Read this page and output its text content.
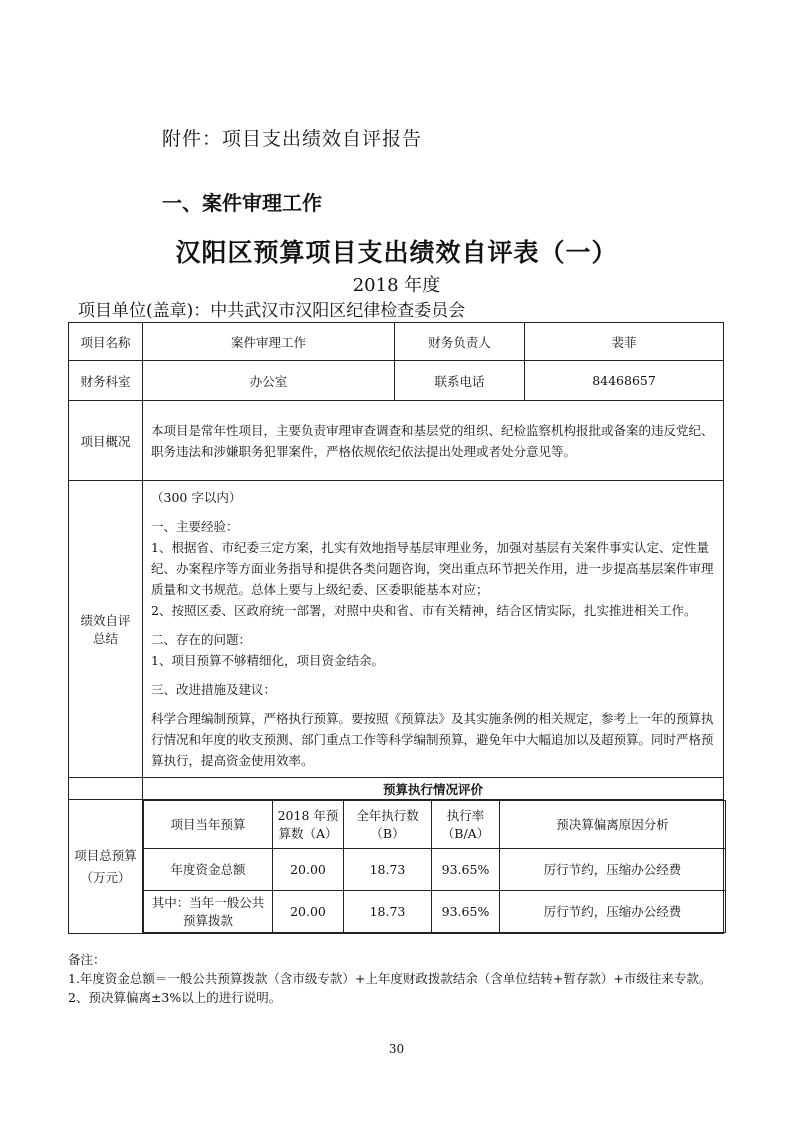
附件：项目支出绩效自评报告
一、案件审理工作
汉阳区预算项目支出绩效自评表（一）
2018 年度
项目单位(盖章)：中共武汉市汉阳区纪律检查委员会
项目名称	案件审理工作	财务负责人	裴菲
财务科室	办公室	联系电话	84468657
项目概况	本项目是常年性项目，主要负责审理审查调查和基层党的组织、纪检监察机构报批或备案的违反党纪、职务违法和涉嫌职务犯罪案件，严格依规依纪依法提出处理或者处分意见等。

绩效自评
总结

（300 字以内）

一、主要经验：

1、根据省、市纪委三定方案，扎实有效地指导基层审理业务，加强对基层有关案件事实认定、定性量纪、办案程序等方面业务指导和提供各类问题咨询，突出重点环节把关作用，进一步提高基层案件审理质量和文书规范。总体上要与上级纪委、区委职能基本对应；

2、按照区委、区政府统一部署，对照中央和省、市有关精神，结合区情实际，扎实推进相关工作。

二、存在的问题：

1、项目预算不够精细化，项目资金结余。

三、改进措施及建议：

科学合理编制预算，严格执行预算。要按照《预算法》及其实施条例的相关规定，参考上一年的预算执行情况和年度的收支预测、部门重点工作等科学编制预算，避免年中大幅追加以及超预算。同时严格预算执行，提高资金使用效率。

	预算执行情况评价
项目总预算（万元）	
项目当年预算	2018 年预算数（A）	全年执行数（B）	执行率（B/A）	预决算偏离原因分析
年度资金总额	20.00	18.73	93.65%	厉行节约，压缩办公经费
其中：当年一般公共预算拨款	20.00	18.73	93.65%	厉行节约，压缩办公经费

备注：

1.年度资金总额＝一般公共预算拨款（含市级专款）+上年度财政拨款结余（含单位结转+暂存款）+市级往来专款。

2、预决算偏离±3%以上的进行说明。

30
